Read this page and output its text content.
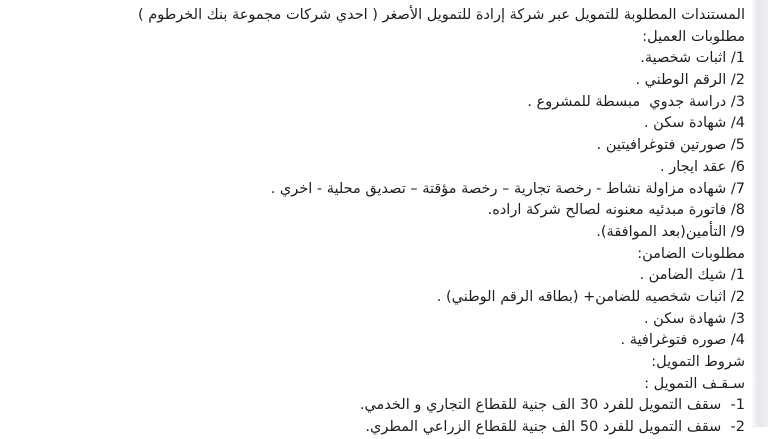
المستندات المطلوبة للتمويل عبر شركة إرادة للتمويل الأصغر ( احدي شركات مجموعة بنك الخرطوم )
مطلوبات العميل:
1/ اثبات شخصية.
2/ الرقم الوطني .
3/ دراسة جدوي  مبسطة للمشروع .
4/ شهادة سكن .
5/ صورتين فتوغرافيتين .
6/ عقد ايجار .
7/ شهاده مزاولة نشاط - رخصة تجارية – رخصة مؤقتة – تصديق محلية - اخري .
8/ فاتورة مبدئيه معنونه لصالح شركة اراده.
9/ التأمين(بعد الموافقة).
مطلوبات الضامن:
1/ شيك الضامن .
2/ اثبات شخصيه للضامن+ (بطاقه الرقم الوطني) .
3/ شهادة سكن .
4/ صوره فتوغرافية .
شروط التمويل:
سـقـف التمويل :
1-  سقف التمويل للفرد 30 الف جنية للقطاع التجاري و الخدمي.
2-  سقف التمويل للفرد 50 الف جنية للقطاع الزراعي المطري.
